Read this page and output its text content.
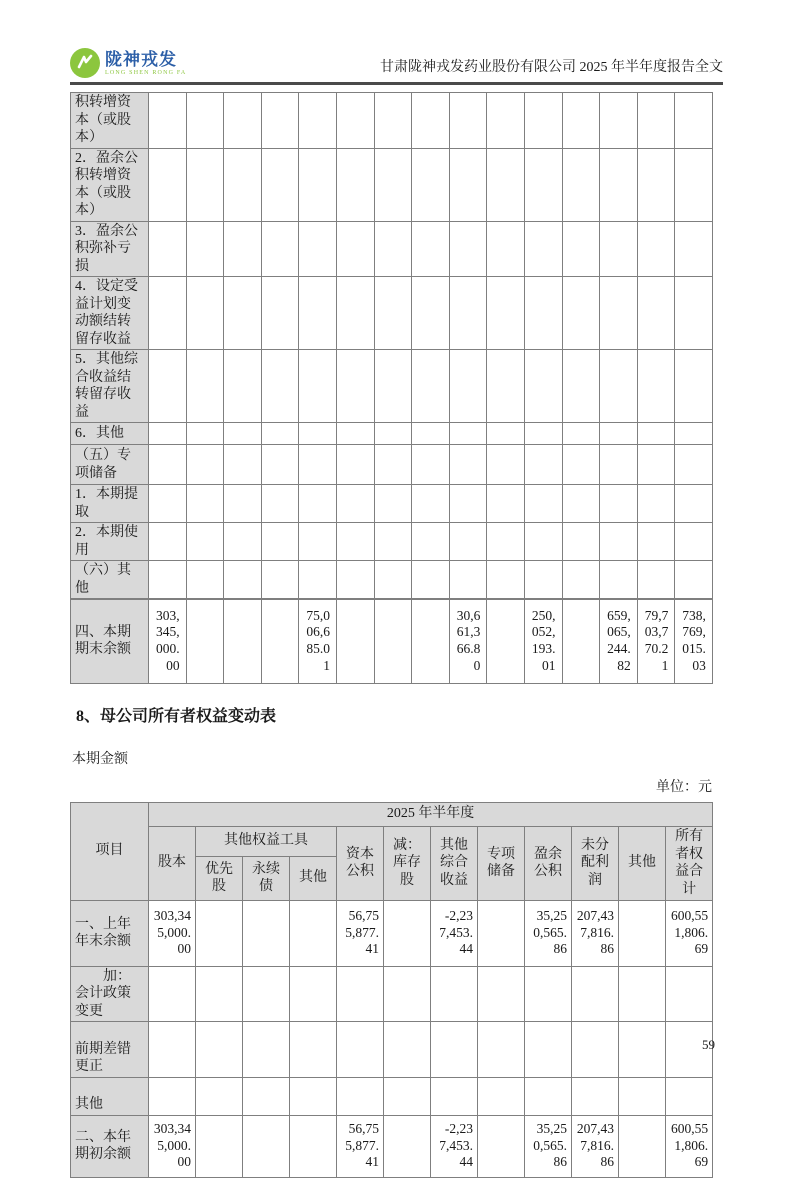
陇神戎发
LONG SHEN RONG FA	甘肃陇神戎发药业股份有限公司 2025 年半年度报告全文
积转增资本（或股本）															
2．盈余公积转增资本（或股本）															
3．盈余公积弥补亏损															
4．设定受益计划变动额结转留存收益															
5．其他综合收益结转留存收益															
6．其他															
（五）专项储备															
1．本期提取															
2．本期使用															
（六）其他															
四、本期期末余额	303,345,000.00				75,006,685.01				30,661,366.80		250,052,193.01		659,065,244.82	79,703,770.21	738,769,015.03
8、母公司所有者权益变动表
本期金额
单位：元
项目	2025 年半年度											
	股本	其他权益工具			资本公积	减：库存股	其他综合收益	专项储备	盈余公积	未分配利润	其他	所有者权益合计
		优先股	永续债	其他								
一、上年年末余额	303,345,000.00				56,755,877.41		-2,237,453.44		35,250,565.86	207,437,816.86		600,551,806.69
　　加：会计政策变更												
　　　　前期差错更正												
　　　　其他												
二、本年期初余额	303,345,000.00				56,755,877.41		-2,237,453.44		35,250,565.86	207,437,816.86		600,551,806.69
59
